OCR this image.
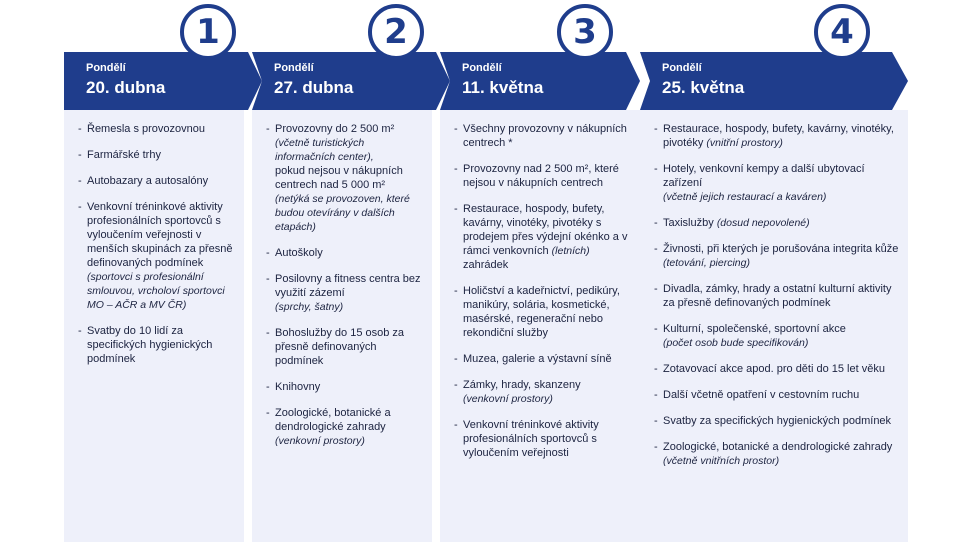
1
Pondělí
20. dubna
- Řemesla s provozovnou
- Farmářské trhy
- Autobazary a autosalóny
- Venkovní tréninkové aktivity profesionálních sportovců s vyloučením veřejnosti v menších skupinách za přesně definovaných podmínek
(sportovci s profesionální smlouvou, vrcholoví sportovci MO – AČR a MV ČR)
- Svatby do 10 lidí za specifických hygienických podmínek
2
Pondělí
27. dubna
- Provozovny do 2 500 m²
(včetně turistických informačních center),
pokud nejsou v nákupních centrech nad 5 000 m²
(netýká se provozoven, které budou otevírány v dalších etapách)
- Autoškoly
- Posilovny a fitness centra bez využití zázemí
(sprchy, šatny)
- Bohoslužby do 15 osob za přesně definovaných podmínek
- Knihovny
- Zoologické, botanické a dendrologické zahrady
(venkovní prostory)
3
Pondělí
11. května
- Všechny provozovny v nákupních centrech *
- Provozovny nad 2 500 m², které nejsou v nákupních centrech
- Restaurace, hospody, bufety, kavárny, vinotéky, pivotéky s prodejem přes výdejní okénko a v rámci venkovních (letních) zahrádek
- Holičství a kadeřnictví, pedikúry, manikúry, solária, kosmetické, masérské, regenerační nebo rekondiční služby
- Muzea, galerie a výstavní síně
- Zámky, hrady, skanzeny
(venkovní prostory)
- Venkovní tréninkové aktivity profesionálních sportovců s vyloučením veřejnosti
4
Pondělí
25. května
- Restaurace, hospody, bufety, kavárny, vinotéky, pivotéky (vnitřní prostory)
- Hotely, venkovní kempy a další ubytovací zařízení
(včetně jejich restaurací a kaváren)
- Taxislužby (dosud nepovolené)
- Živnosti, při kterých je porušována integrita kůže (tetování, piercing)
- Divadla, zámky, hrady a ostatní kulturní aktivity za přesně definovaných podmínek
- Kulturní, společenské, sportovní akce
(počet osob bude specifikován)
- Zotavovací akce apod. pro děti do 15 let věku
- Další včetně opatření v cestovním ruchu
- Svatby za specifických hygienických podmínek
- Zoologické, botanické a dendrologické zahrady (včetně vnitřních prostor)
